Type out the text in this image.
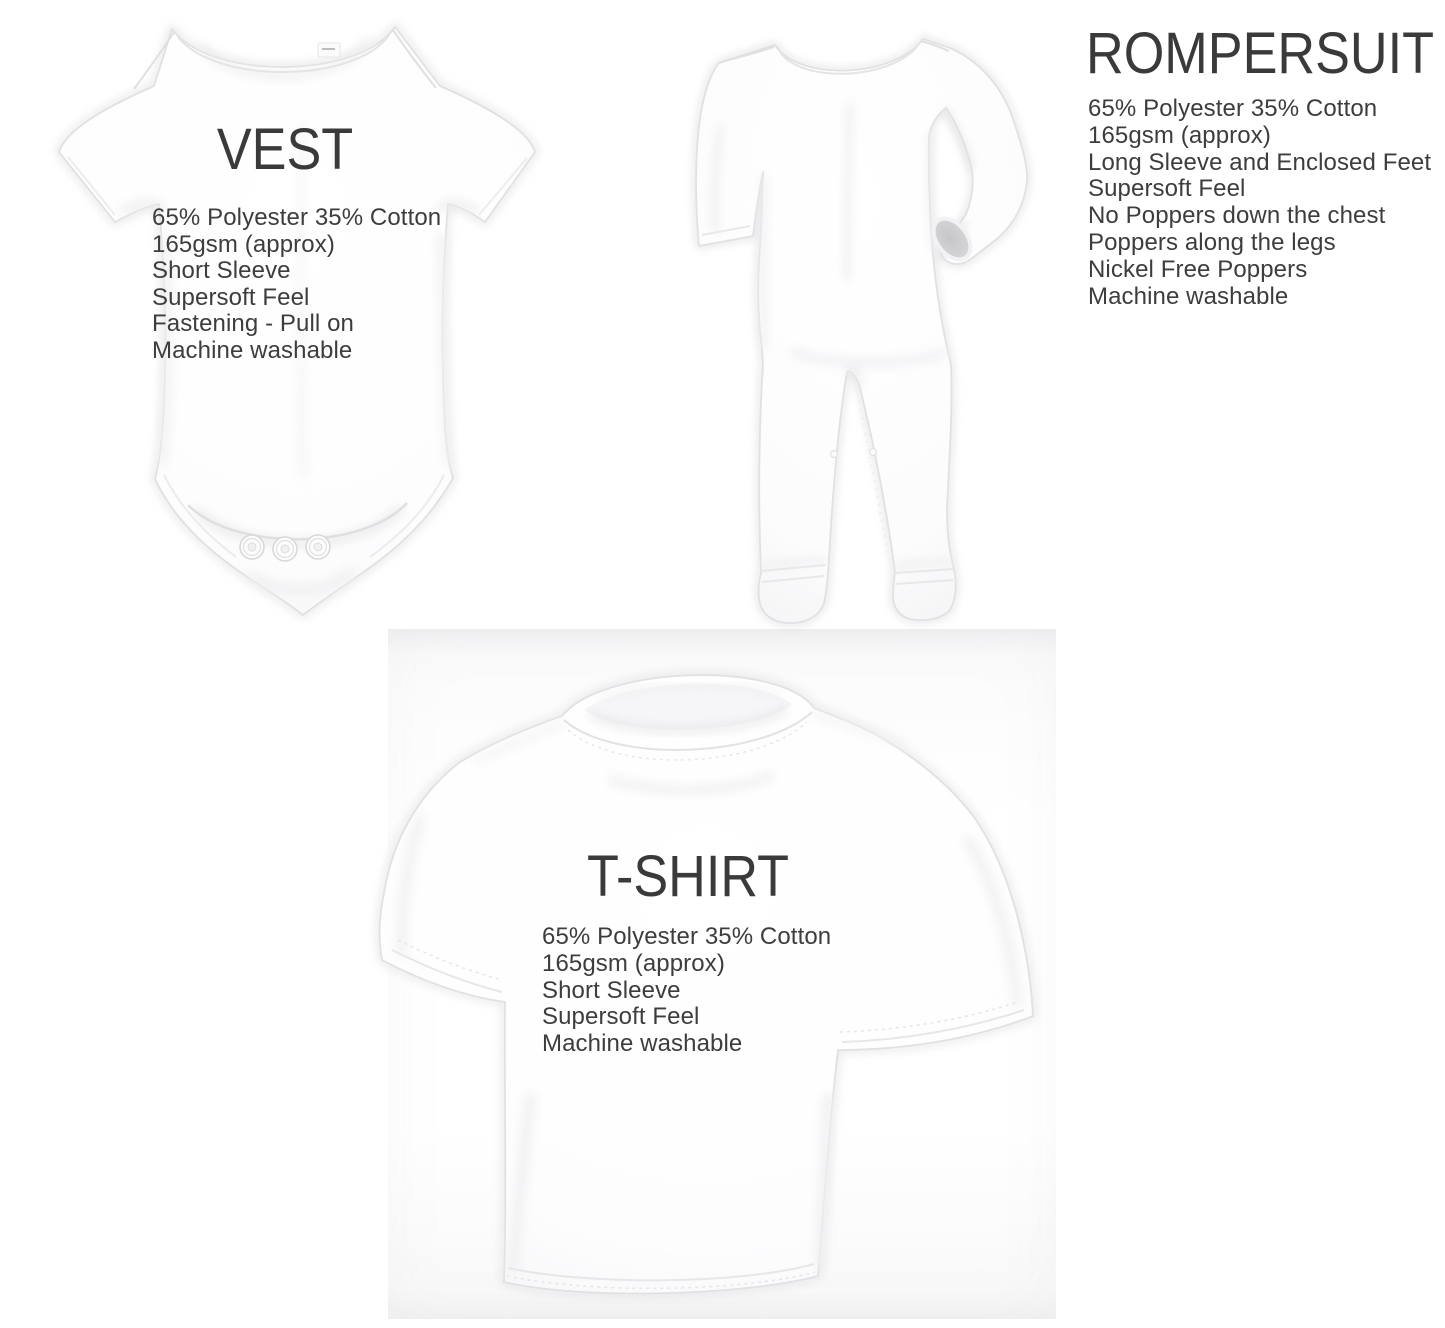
VEST
65% Polyester 35% Cotton
165gsm (approx)
Short Sleeve
Supersoft Feel
Fastening - Pull on
Machine washable
ROMPERSUIT
65% Polyester 35% Cotton
165gsm (approx)
Long Sleeve and Enclosed Feet
Supersoft Feel
No Poppers down the chest
Poppers along the legs
Nickel Free Poppers
Machine washable
T-SHIRT
65% Polyester 35% Cotton
165gsm (approx)
Short Sleeve
Supersoft Feel
Machine washable
